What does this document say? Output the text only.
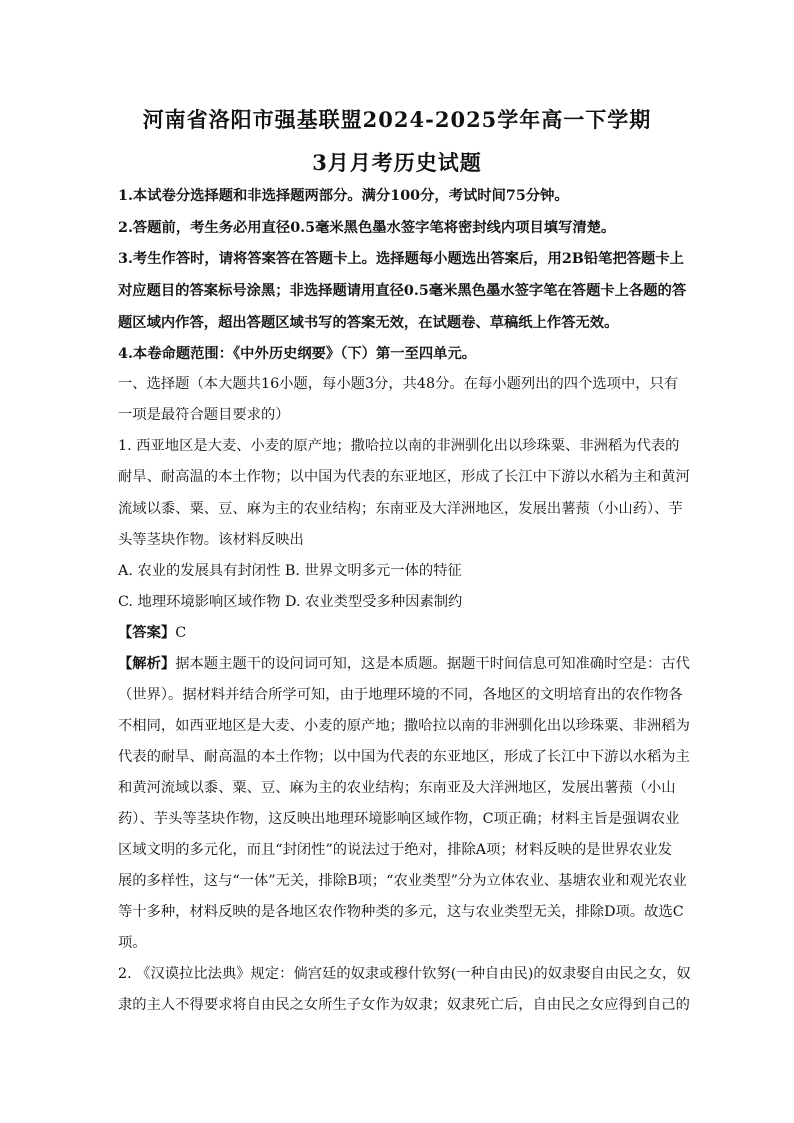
河南省洛阳市强基联盟2024-2025学年高一下学期
3月月考历史试题
1.本试卷分选择题和非选择题两部分。满分100分，考试时间75分钟。
2.答题前，考生务必用直径0.5毫米黑色墨水签字笔将密封线内项目填写清楚。
3.考生作答时，请将答案答在答题卡上。选择题每小题选出答案后，用2B铅笔把答题卡上
对应题目的答案标号涂黑；非选择题请用直径0.5毫米黑色墨水签字笔在答题卡上各题的答
题区域内作答，超出答题区域书写的答案无效，在试题卷、草稿纸上作答无效。
4.本卷命题范围：《中外历史纲要》（下）第一至四单元。
一、选择题（本大题共16小题，每小题3分，共48分。在每小题列出的四个选项中，只有
一项是最符合题目要求的）
1. 西亚地区是大麦、小麦的原产地；撒哈拉以南的非洲驯化出以珍珠粟、非洲稻为代表的
耐旱、耐高温的本土作物；以中国为代表的东亚地区，形成了长江中下游以水稻为主和黄河
流域以黍、粟、豆、麻为主的农业结构；东南亚及大洋洲地区，发展出薯蓣（小山药）、芋
头等茎块作物。该材料反映出
A. 农业的发展具有封闭性 B. 世界文明多元一体的特征
C. 地理环境影响区域作物 D. 农业类型受多种因素制约
【答案】C
【解析】据本题主题干的设问词可知，这是本质题。据题干时间信息可知准确时空是：古代
（世界）。据材料并结合所学可知，由于地理环境的不同，各地区的文明培育出的农作物各
不相同，如西亚地区是大麦、小麦的原产地；撒哈拉以南的非洲驯化出以珍珠粟、非洲稻为
代表的耐旱、耐高温的本土作物；以中国为代表的东亚地区，形成了长江中下游以水稻为主
和黄河流域以黍、粟、豆、麻为主的农业结构；东南亚及大洋洲地区，发展出薯蓣（小山
药）、芋头等茎块作物，这反映出地理环境影响区域作物，C项正确；材料主旨是强调农业
区域文明的多元化，而且“封闭性”的说法过于绝对，排除A项；材料反映的是世界农业发
展的多样性，这与“一体”无关，排除B项；“农业类型”分为立体农业、基塘农业和观光农业
等十多种，材料反映的是各地区农作物种类的多元，这与农业类型无关，排除D项。故选C
项。
2. 《汉谟拉比法典》规定：倘宫廷的奴隶或穆什钦努(一种自由民)的奴隶娶自由民之女，奴
隶的主人不得要求将自由民之女所生子女作为奴隶；奴隶死亡后，自由民之女应得到自己的
